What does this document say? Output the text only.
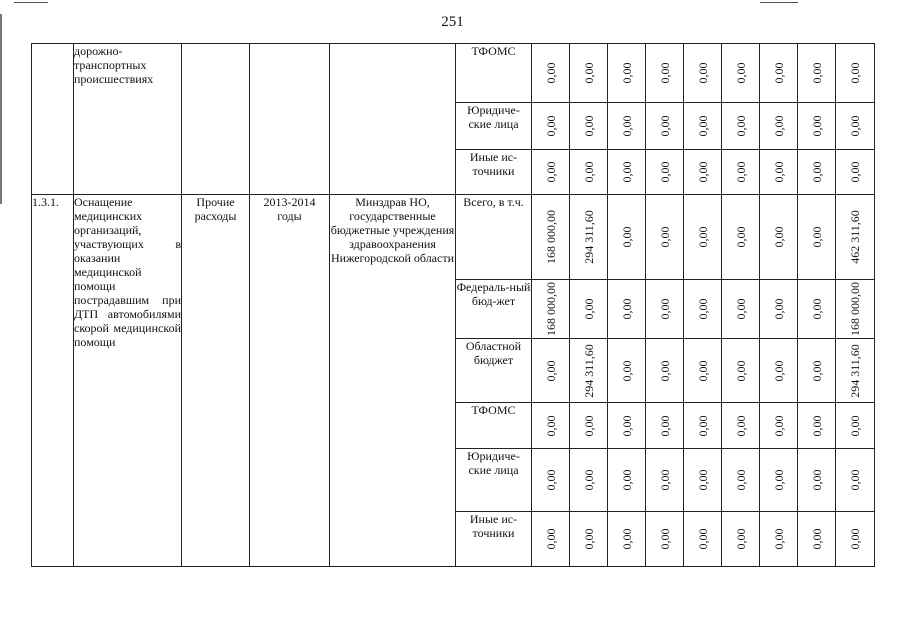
251
	дорожно-транспортных происшествиях				ТФОМС	0,00	0,00	0,00	0,00	0,00	0,00	0,00	0,00	0,00

					Юридиче-ские лица	0,00	0,00	0,00	0,00	0,00	0,00	0,00	0,00	0,00

					Иные ис-точники	0,00	0,00	0,00	0,00	0,00	0,00	0,00	0,00	0,00

1.3.1.	Оснащение медицинских организаций, участвующих в оказании медицинской помощи пострадавшим при ДТП автомобилями скорой медицинской помощи	Прочие расходы	2013-2014 годы	Минздрав НО, государственные бюджетные учреждения здравоохранения Нижегородской области	Всего, в т.ч.	168 000,00	294 311,60	0,00	0,00	0,00	0,00	0,00	0,00	462 311,60

					Федераль-ный бюд-жет	168 000,00	0,00	0,00	0,00	0,00	0,00	0,00	0,00	168 000,00

					Областной бюджет	0,00	294 311,60	0,00	0,00	0,00	0,00	0,00	0,00	294 311,60

					ТФОМС	0,00	0,00	0,00	0,00	0,00	0,00	0,00	0,00	0,00

					Юридиче-ские лица	0,00	0,00	0,00	0,00	0,00	0,00	0,00	0,00	0,00

					Иные ис-точники	0,00	0,00	0,00	0,00	0,00	0,00	0,00	0,00	0,00
